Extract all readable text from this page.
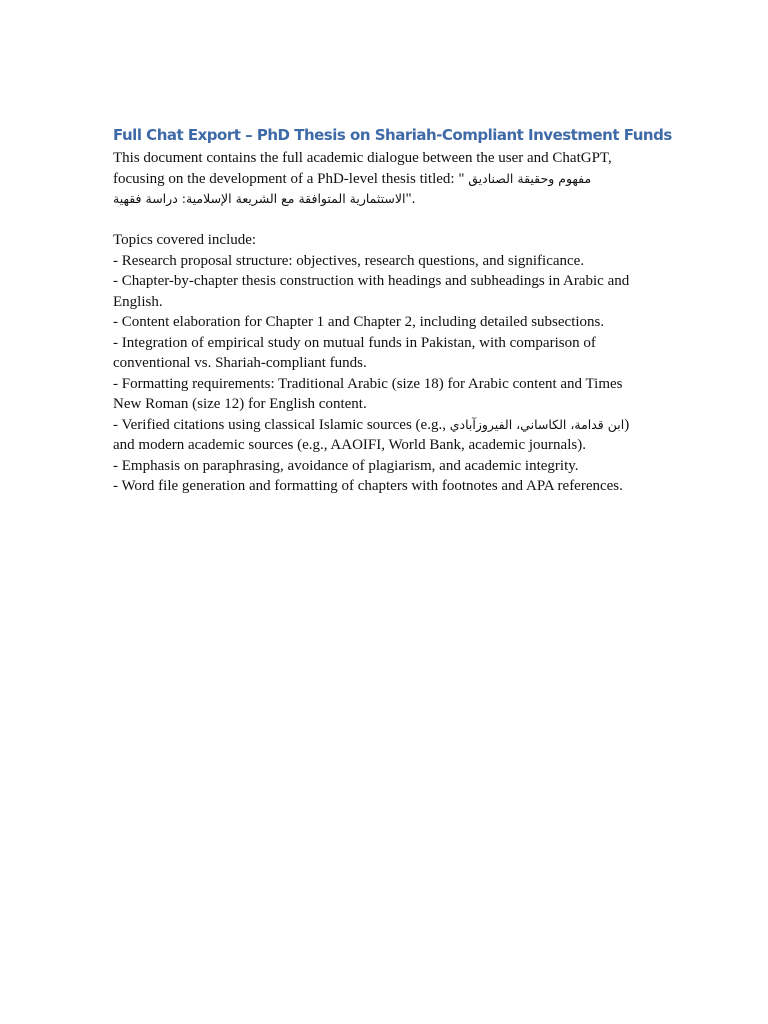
Full Chat Export – PhD Thesis on Shariah-Compliant Investment Funds
This document contains the full academic dialogue between the user and ChatGPT,
focusing on the development of a PhD-level thesis titled: " مفهوم وحقيقة الصناديق
الاستثمارية المتوافقة مع الشريعة الإسلامية: دراسة فقهية".
Topics covered include:
- Research proposal structure: objectives, research questions, and significance.
- Chapter-by-chapter thesis construction with headings and subheadings in Arabic and
English.
- Content elaboration for Chapter 1 and Chapter 2, including detailed subsections.
- Integration of empirical study on mutual funds in Pakistan, with comparison of
conventional vs. Shariah-compliant funds.
- Formatting requirements: Traditional Arabic (size 18) for Arabic content and Times
New Roman (size 12) for English content.
- Verified citations using classical Islamic sources (e.g., ابن قدامة، الكاساني، الفيروزآبادي)
and modern academic sources (e.g., AAOIFI, World Bank, academic journals).
- Emphasis on paraphrasing, avoidance of plagiarism, and academic integrity.
- Word file generation and formatting of chapters with footnotes and APA references.
